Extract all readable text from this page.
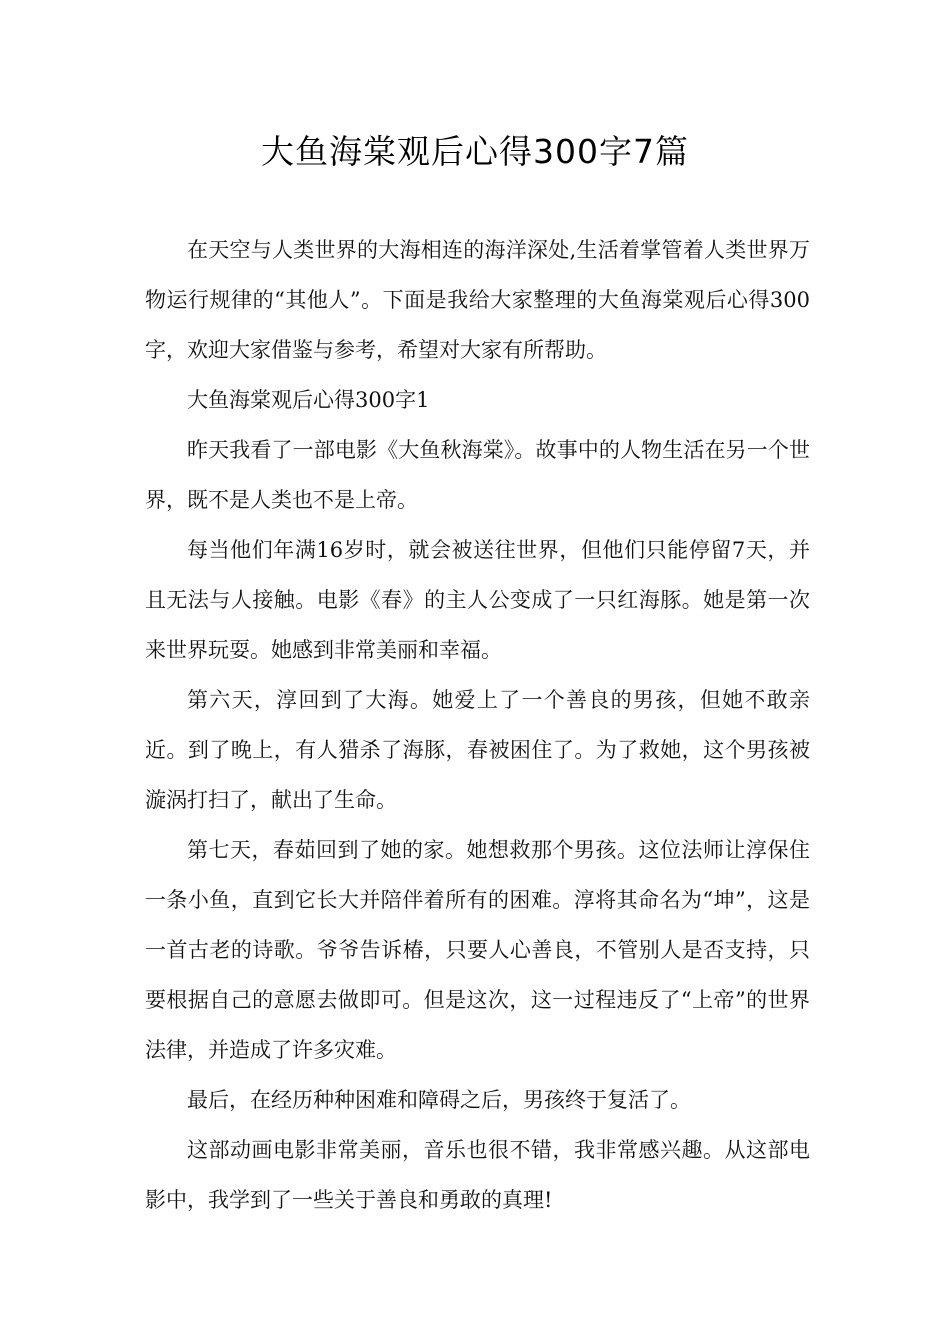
大鱼海棠观后心得300字7篇

在天空与人类世界的大海相连的海洋深处,生活着掌管着人类世界万物运行规律的“其他人”。下面是我给大家整理的大鱼海棠观后心得300字，欢迎大家借鉴与参考，希望对大家有所帮助。

大鱼海棠观后心得300字1

昨天我看了一部电影《大鱼秋海棠》。故事中的人物生活在另一个世界，既不是人类也不是上帝。

每当他们年满16岁时，就会被送往世界，但他们只能停留7天，并且无法与人接触。电影《春》的主人公变成了一只红海豚。她是第一次来世界玩耍。她感到非常美丽和幸福。

第六天，淳回到了大海。她爱上了一个善良的男孩，但她不敢亲近。到了晚上，有人猎杀了海豚，春被困住了。为了救她，这个男孩被漩涡打扫了，献出了生命。

第七天，春茹回到了她的家。她想救那个男孩。这位法师让淳保住一条小鱼，直到它长大并陪伴着所有的困难。淳将其命名为“坤”，这是一首古老的诗歌。爷爷告诉椿，只要人心善良，不管别人是否支持，只要根据自己的意愿去做即可。但是这次，这一过程违反了“上帝”的世界法律，并造成了许多灾难。

最后，在经历种种困难和障碍之后，男孩终于复活了。

这部动画电影非常美丽，音乐也很不错，我非常感兴趣。从这部电影中，我学到了一些关于善良和勇敢的真理!
